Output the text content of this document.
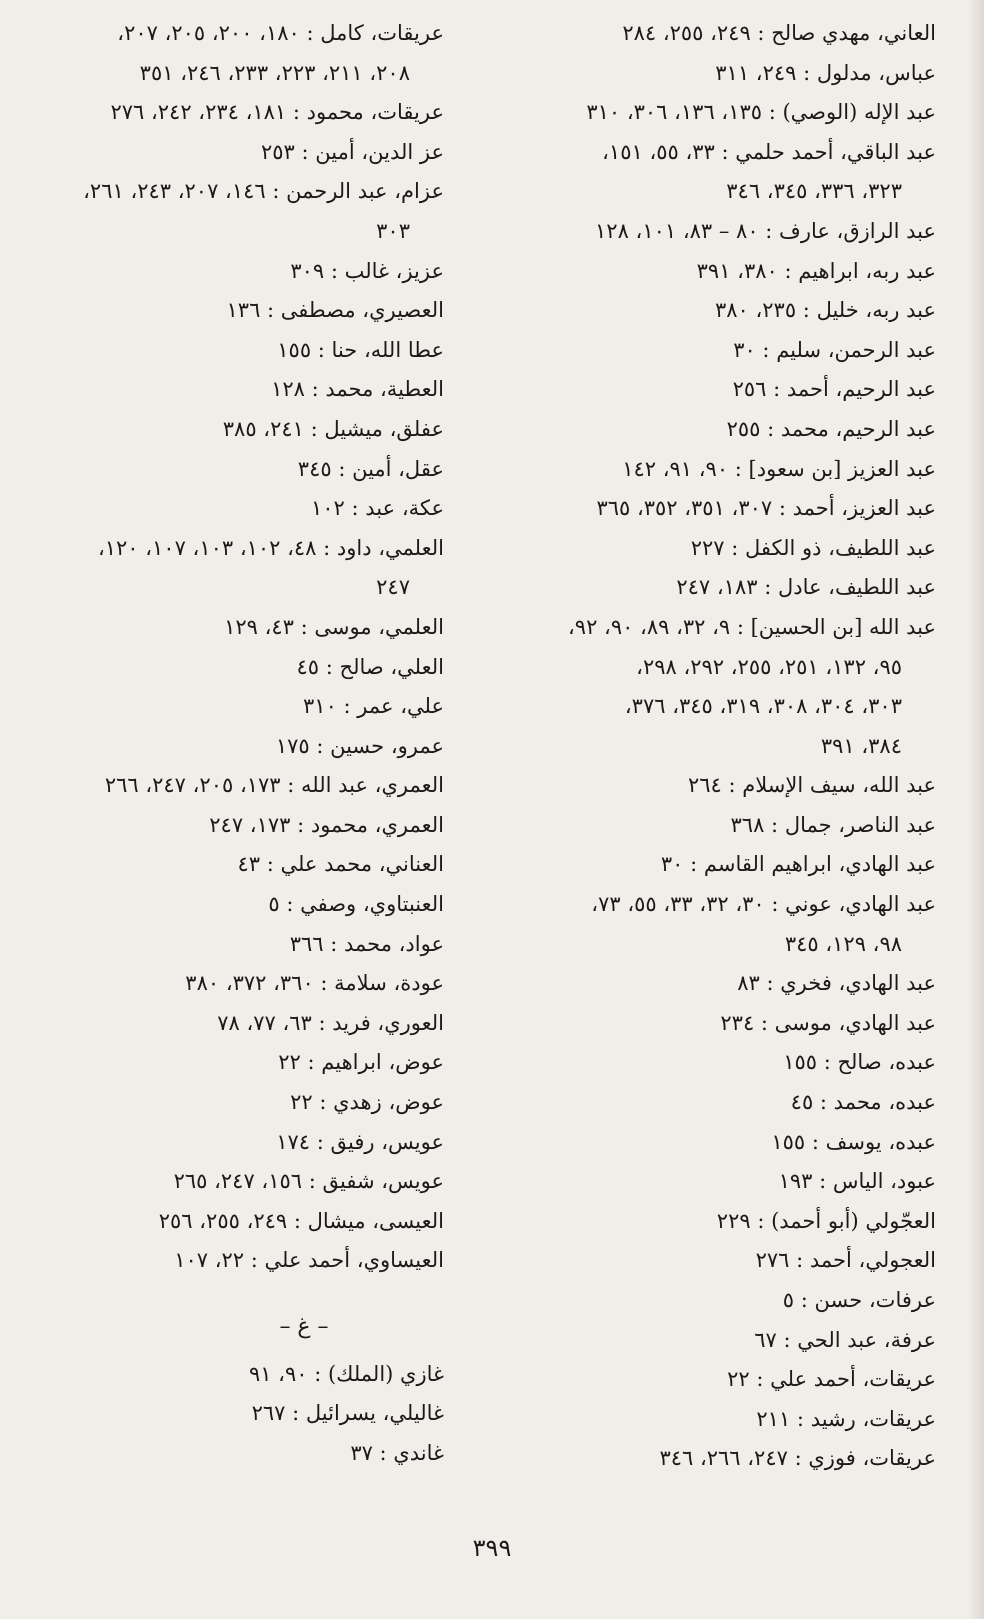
العاني، مهدي صالح : ٢٤٩، ٢٥٥، ٢٨٤
عباس، مدلول : ٢٤٩، ٣١١
عبد الإله (الوصي) : ١٣٥، ١٣٦، ٣٠٦، ٣١٠
عبد الباقي، أحمد حلمي : ٣٣، ٥٥، ١٥١،
٣٢٣، ٣٣٦، ٣٤٥، ٣٤٦
عبد الرازق، عارف : ٨٠ – ٨٣، ١٠١، ١٢٨
عبد ربه، ابراهيم : ٣٨٠، ٣٩١
عبد ربه، خليل : ٢٣٥، ٣٨٠
عبد الرحمن، سليم : ٣٠
عبد الرحيم، أحمد : ٢٥٦
عبد الرحيم، محمد : ٢٥٥
عبد العزيز [بن سعود] : ٩٠، ٩١، ١٤٢
عبد العزيز، أحمد : ٣٠٧، ٣٥١، ٣٥٢، ٣٦٥
عبد اللطيف، ذو الكفل : ٢٢٧
عبد اللطيف، عادل : ١٨٣، ٢٤٧
عبد الله [بن الحسين] : ٩، ٣٢، ٨٩، ٩٠، ٩٢،
٩٥، ١٣٢، ٢٥١، ٢٥٥، ٢٩٢، ٢٩٨،
٣٠٣، ٣٠٤، ٣٠٨، ٣١٩، ٣٤٥، ٣٧٦،
٣٨٤، ٣٩١
عبد الله، سيف الإسلام : ٢٦٤
عبد الناصر، جمال : ٣٦٨
عبد الهادي، ابراهيم القاسم : ٣٠
عبد الهادي، عوني : ٣٠، ٣٢، ٣٣، ٥٥، ٧٣،
٩٨، ١٢٩، ٣٤٥
عبد الهادي، فخري : ٨٣
عبد الهادي، موسى : ٢٣٤
عبده، صالح : ١٥٥
عبده، محمد : ٤٥
عبده، يوسف : ١٥٥
عبود، الياس : ١٩٣
العجّولي (أبو أحمد) : ٢٢٩
العجولي، أحمد : ٢٧٦
عرفات، حسن : ٥
عرفة، عبد الحي : ٦٧
عريقات، أحمد علي : ٢٢
عريقات، رشيد : ٢١١
عريقات، فوزي : ٢٤٧، ٢٦٦، ٣٤٦
عريقات، كامل : ١٨٠، ٢٠٠، ٢٠٥، ٢٠٧،
٢٠٨، ٢١١، ٢٢٣، ٢٣٣، ٢٤٦، ٣٥١
عريقات، محمود : ١٨١، ٢٣٤، ٢٤٢، ٢٧٦
عز الدين، أمين : ٢٥٣
عزام، عبد الرحمن : ١٤٦، ٢٠٧، ٢٤٣، ٢٦١،
٣٠٣
عزيز، غالب : ٣٠٩
العصيري، مصطفى : ١٣٦
عطا الله، حنا : ١٥٥
العطية، محمد : ١٢٨
عفلق، ميشيل : ٢٤١، ٣٨٥
عقل، أمين : ٣٤٥
عكة، عبد : ١٠٢
العلمي، داود : ٤٨، ١٠٢، ١٠٣، ١٠٧، ١٢٠،
٢٤٧
العلمي، موسى : ٤٣، ١٢٩
العلي، صالح : ٤٥
علي، عمر : ٣١٠
عمرو، حسين : ١٧٥
العمري، عبد الله : ١٧٣، ٢٠٥، ٢٤٧، ٢٦٦
العمري، محمود : ١٧٣، ٢٤٧
العناني، محمد علي : ٤٣
العنبتاوي، وصفي : ٥
عواد، محمد : ٣٦٦
عودة، سلامة : ٣٦٠، ٣٧٢، ٣٨٠
العوري، فريد : ٦٣، ٧٧، ٧٨
عوض، ابراهيم : ٢٢
عوض، زهدي : ٢٢
عويس، رفيق : ١٧٤
عويس، شفيق : ١٥٦، ٢٤٧، ٢٦٥
العيسى، ميشال : ٢٤٩، ٢٥٥، ٢٥٦
العيساوي، أحمد علي : ٢٢، ١٠٧
– غ –
غازي (الملك) : ٩٠، ٩١
غاليلي، يسرائيل : ٢٦٧
غاندي : ٣٧
٣٩٩
